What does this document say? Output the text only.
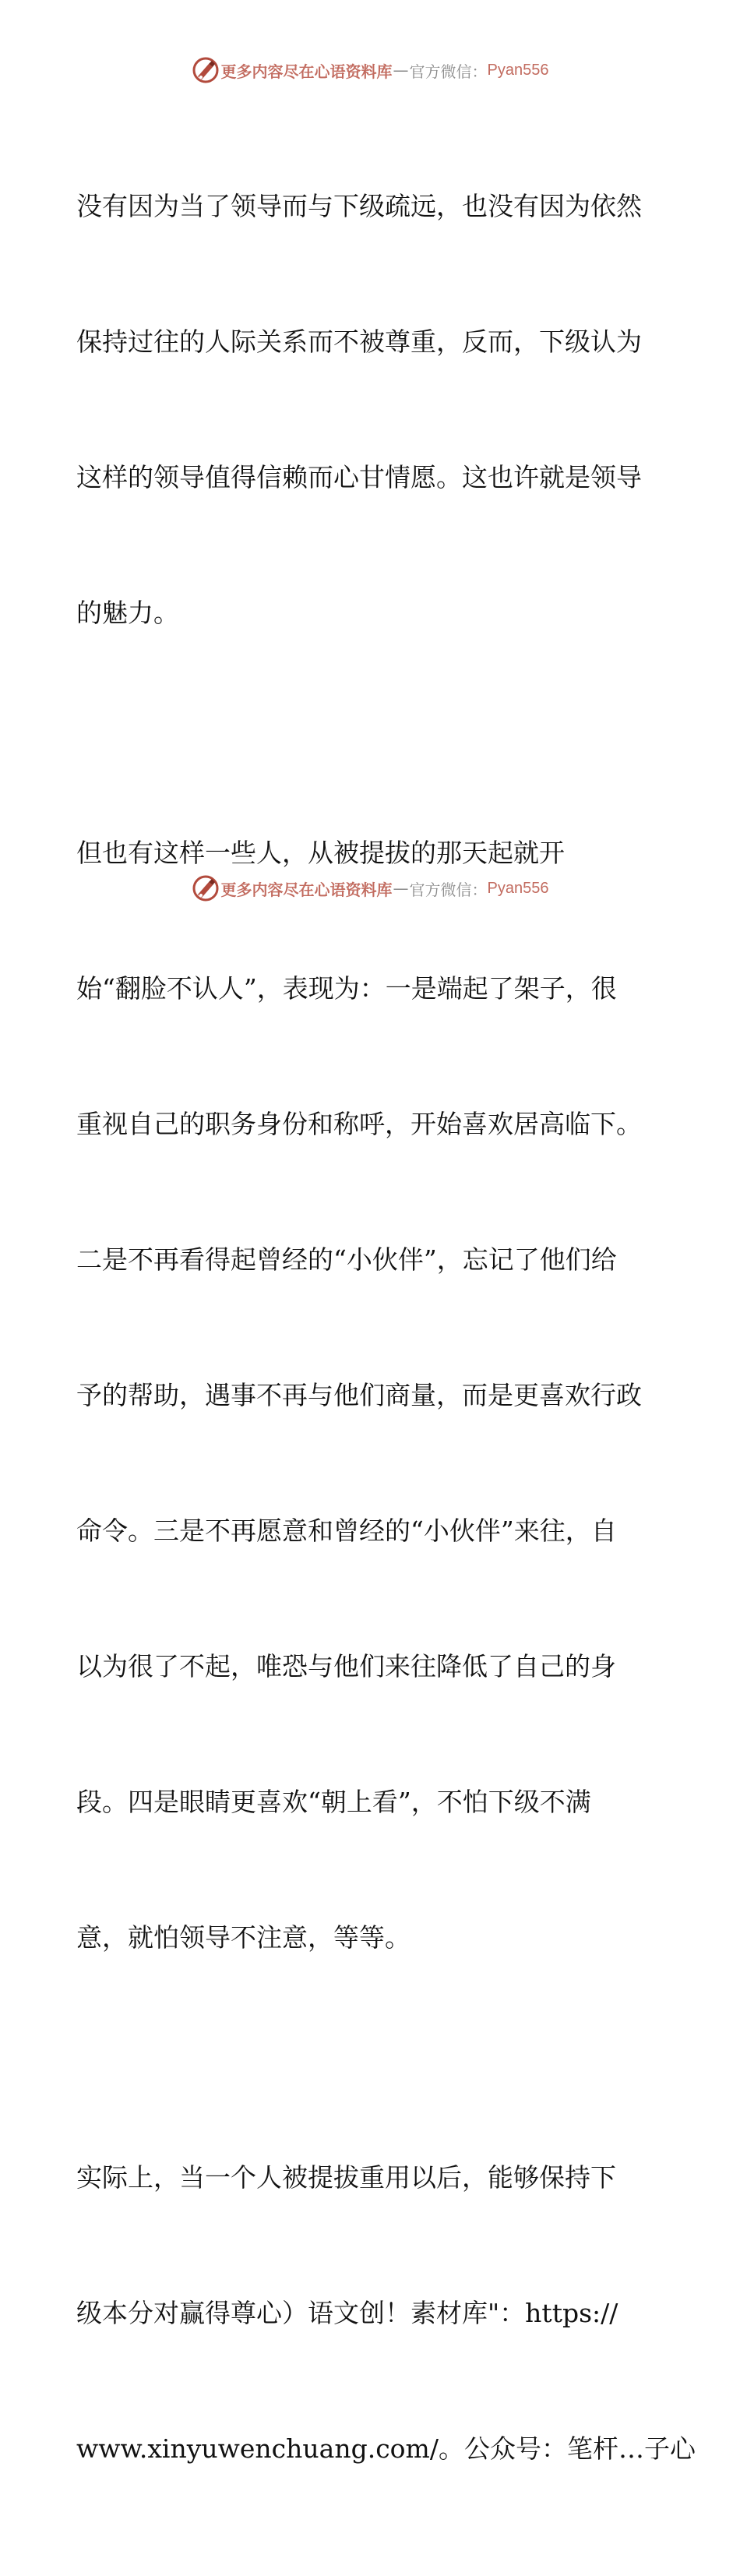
更多内容尽在心语资料库 — 官方微信： Pyan556

没有因为当了领导而与下级疏远，也没有因为依然

保持过往的人际关系而不被尊重，反而，下级认为

这样的领导值得信赖而心甘情愿。这也许就是领导

的魅力。

但也有这样一些人，从被提拔的那天起就开

始“翻脸不认人”，表现为：一是端起了架子，很

重视自己的职务身份和称呼，开始喜欢居高临下。

二是不再看得起曾经的“小伙伴”，忘记了他们给

予的帮助，遇事不再与他们商量，而是更喜欢行政

命令。三是不再愿意和曾经的“小伙伴”来往，自

以为很了不起，唯恐与他们来往降低了自己的身

段。四是眼睛更喜欢“朝上看”，不怕下级不满

意，就怕领导不注意，等等。

实际上，当一个人被提拔重用以后，能够保持下

级本分对赢得尊心）语文创！素材库"：https://

www.xinyuwenchuang.com/。公众号：笔杆…子心

更多内容尽在心语资料库 — 官方微信： Pyan556
